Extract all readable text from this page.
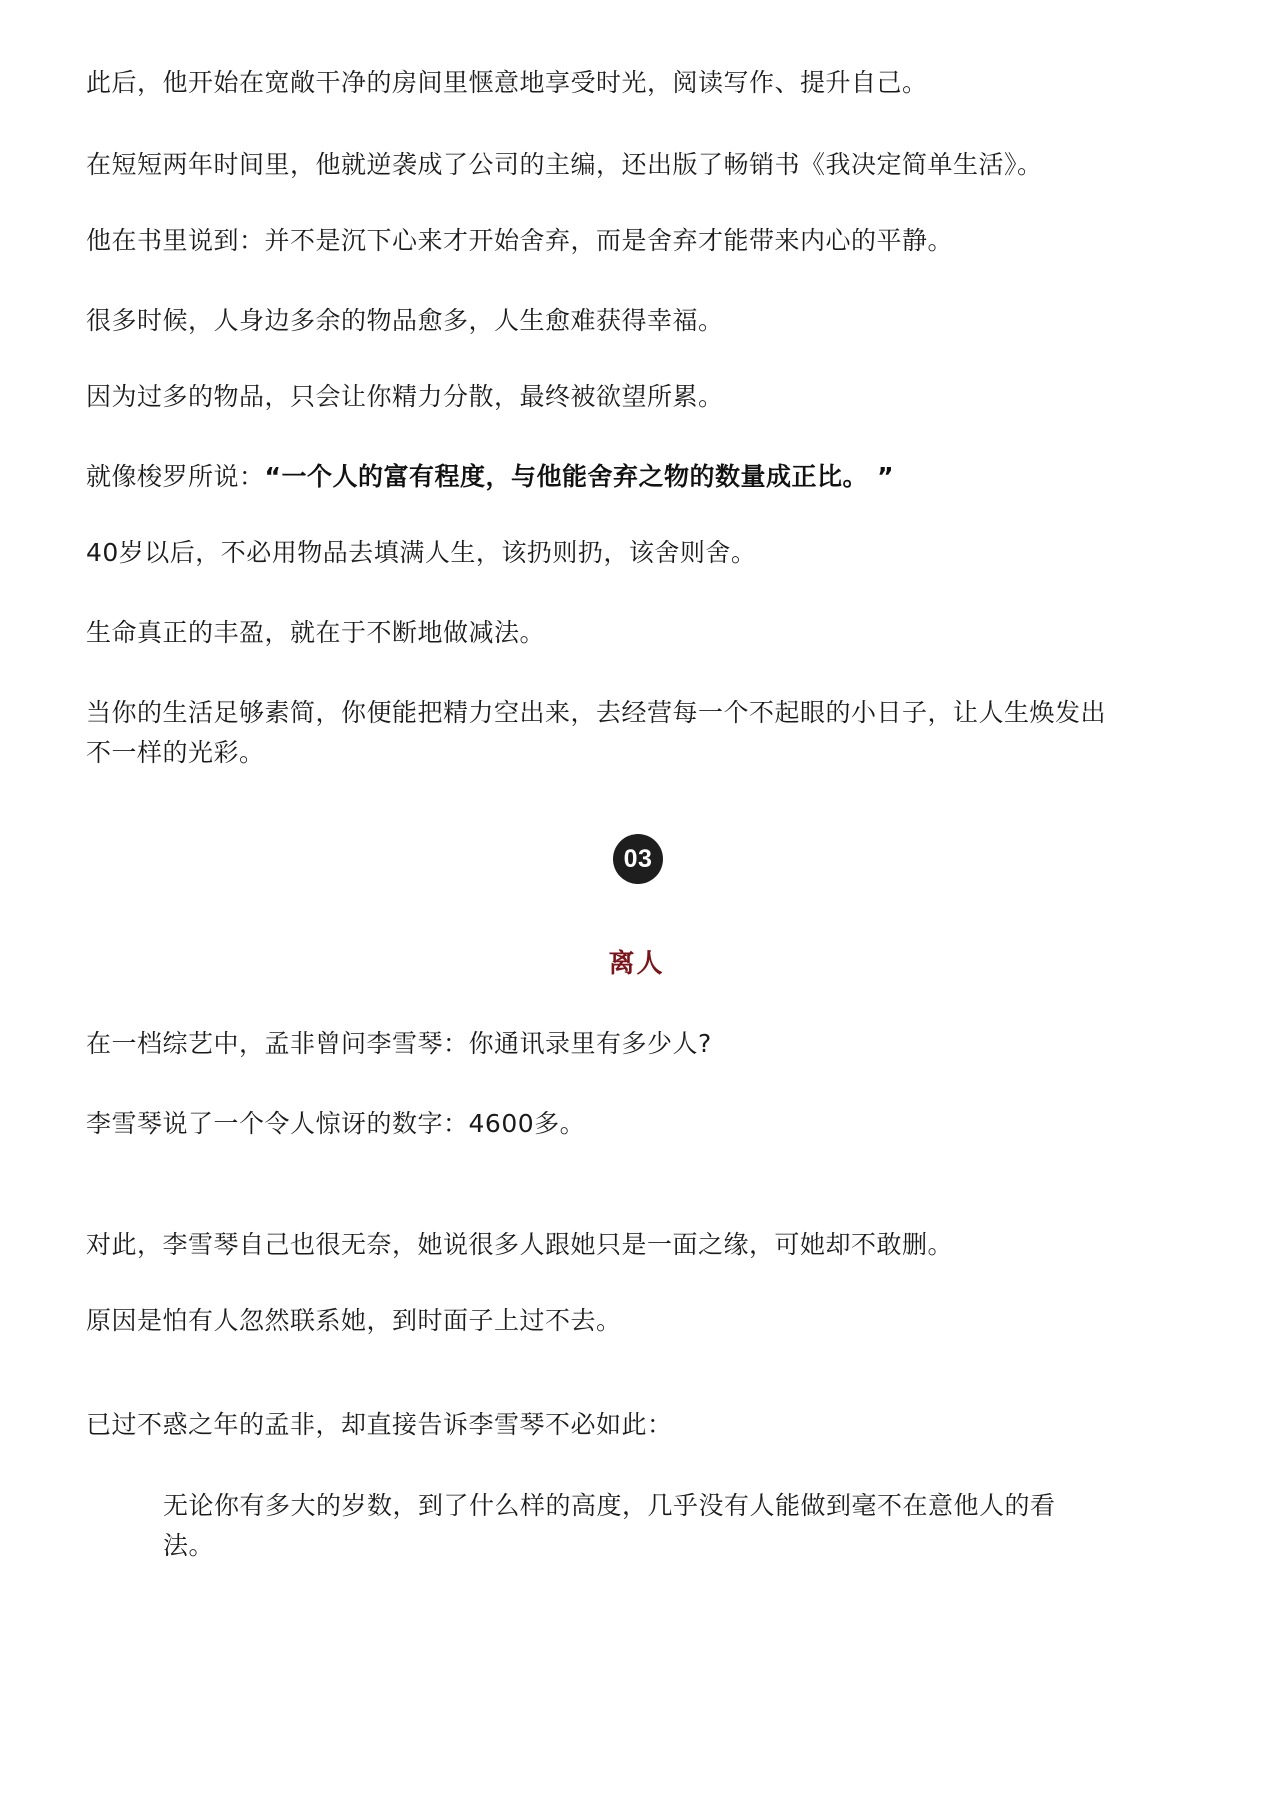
此后，他开始在宽敞干净的房间里惬意地享受时光，阅读写作、提升自己。
在短短两年时间里，他就逆袭成了公司的主编，还出版了畅销书《我决定简单生活》。
他在书里说到：并不是沉下心来才开始舍弃，而是舍弃才能带来内心的平静。
很多时候，人身边多余的物品愈多，人生愈难获得幸福。
因为过多的物品，只会让你精力分散，最终被欲望所累。
就像梭罗所说：“一个人的富有程度，与他能舍弃之物的数量成正比。 ”
40岁以后，不必用物品去填满人生，该扔则扔，该舍则舍。
生命真正的丰盈，就在于不断地做减法。
当你的生活足够素简，你便能把精力空出来，去经营每一个不起眼的小日子，让人生焕发出
不一样的光彩。
03
离人
在一档综艺中，孟非曾问李雪琴：你通讯录里有多少人?
李雪琴说了一个令人惊讶的数字：4600多。
对此，李雪琴自己也很无奈，她说很多人跟她只是一面之缘，可她却不敢删。
原因是怕有人忽然联系她，到时面子上过不去。
已过不惑之年的孟非，却直接告诉李雪琴不必如此：
无论你有多大的岁数，到了什么样的高度，几乎没有人能做到毫不在意他人的看法。
